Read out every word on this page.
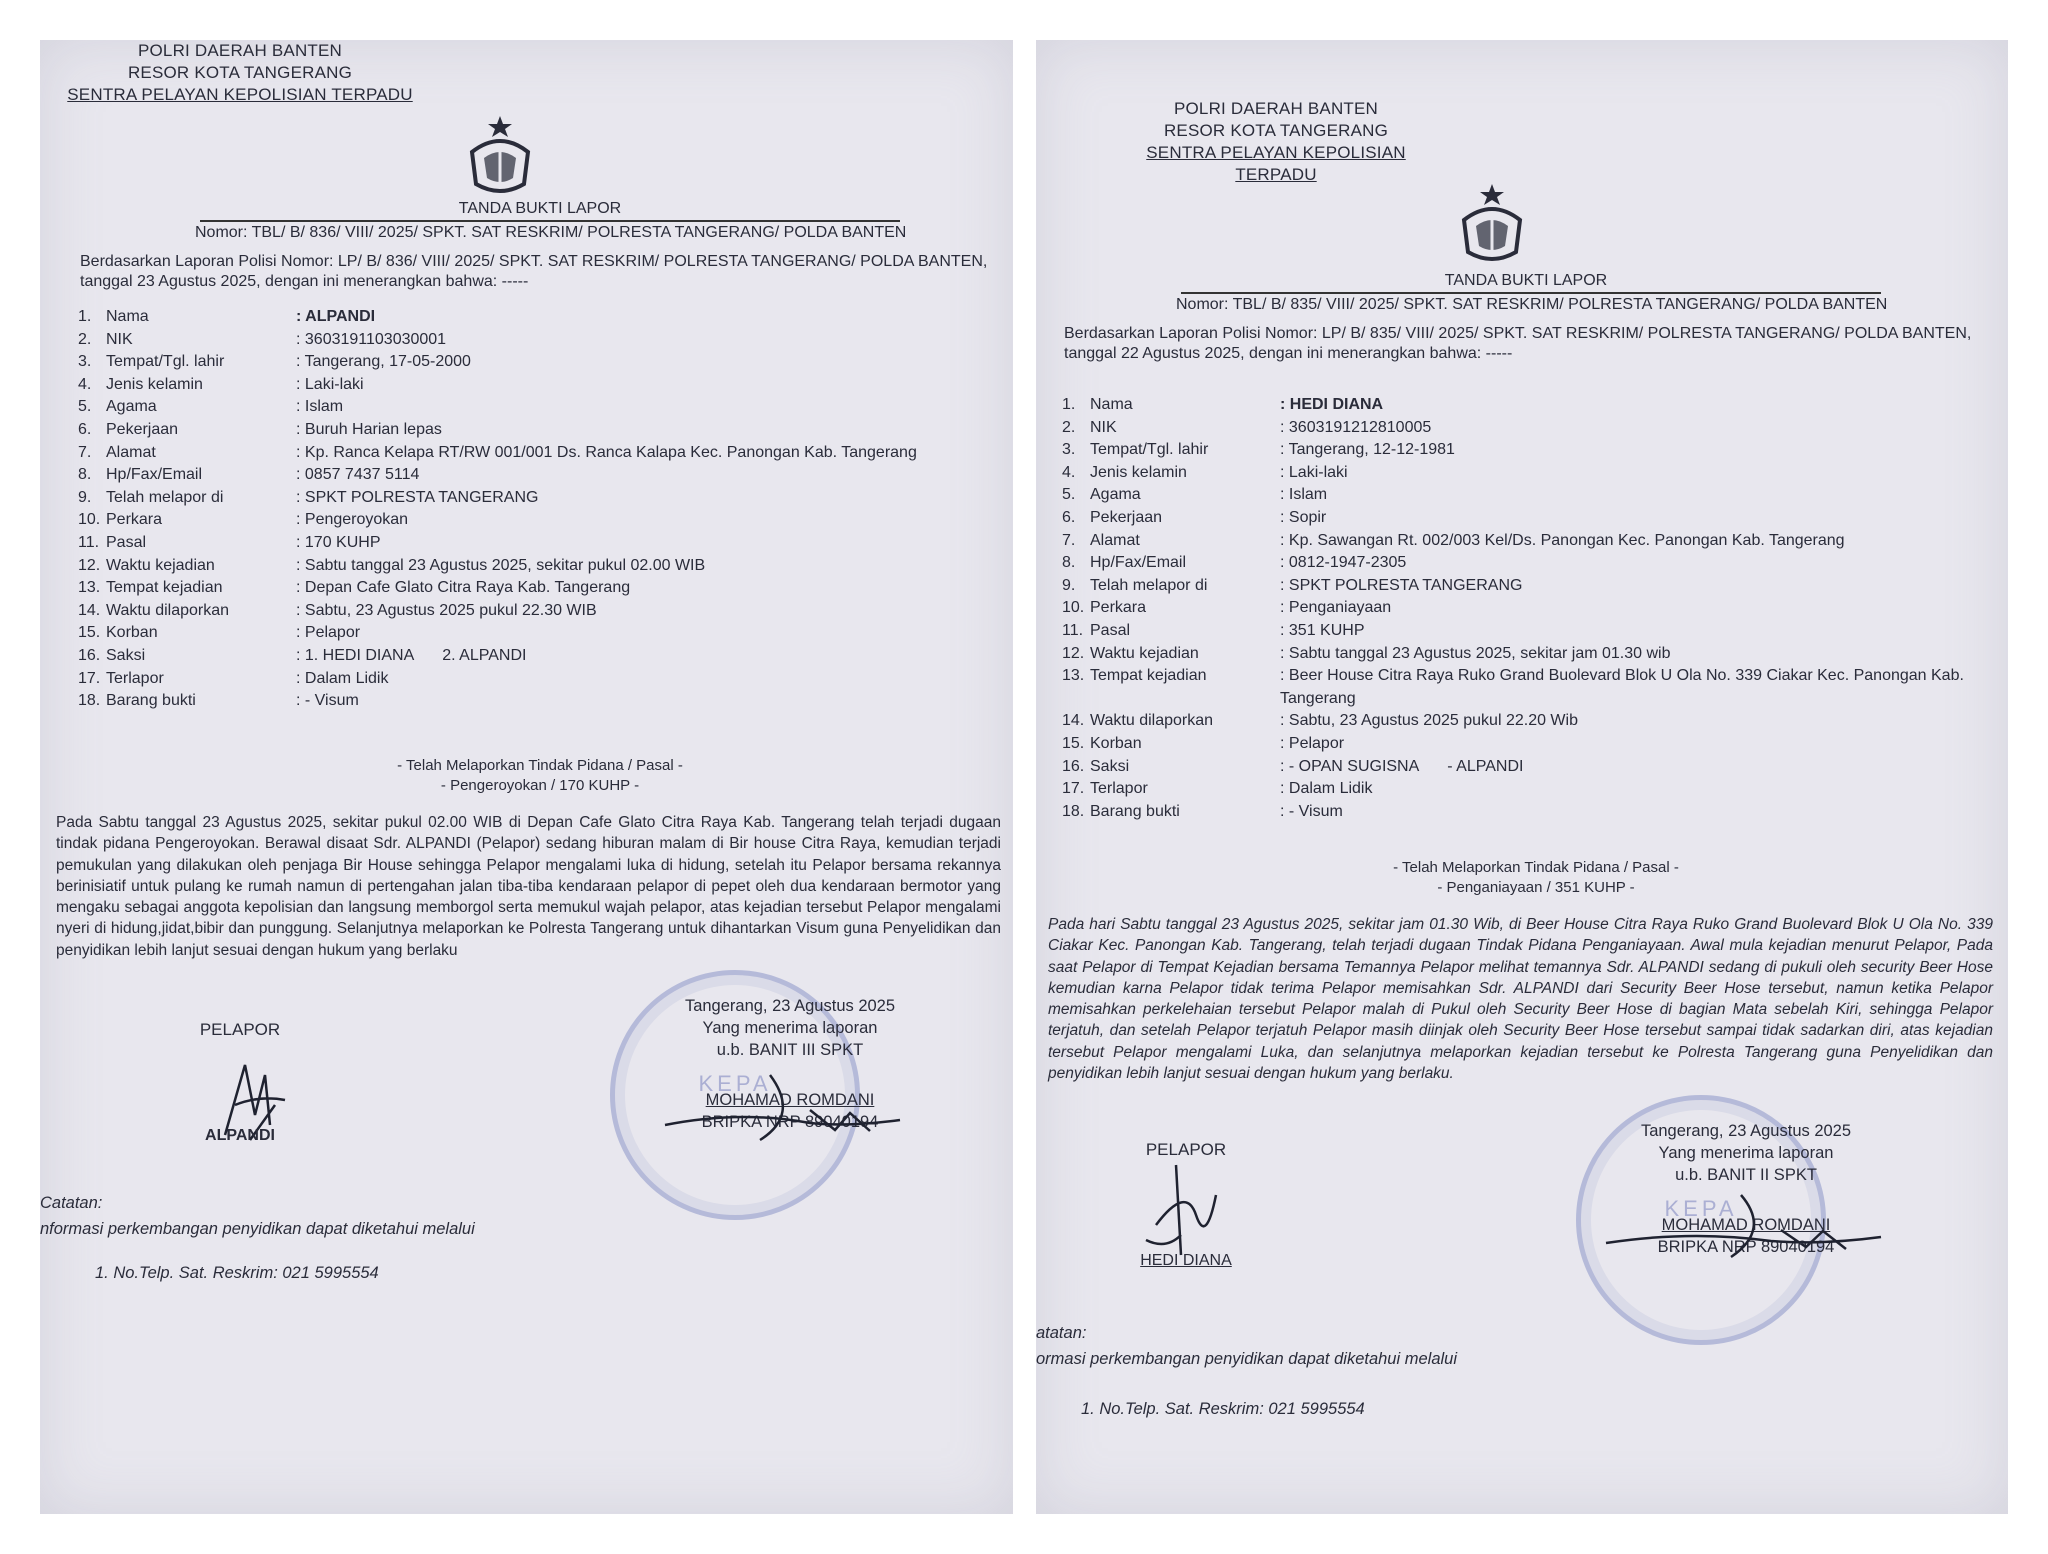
POLRI DAERAH BANTEN
RESOR KOTA TANGERANG
SENTRA PELAYAN KEPOLISIAN TERPADU
TANDA BUKTI LAPOR
Nomor: TBL/ B/ 836/ VIII/ 2025/ SPKT. SAT RESKRIM/ POLRESTA TANGERANG/ POLDA BANTEN
Berdasarkan Laporan Polisi Nomor: LP/ B/ 836/ VIII/ 2025/ SPKT. SAT RESKRIM/ POLRESTA TANGERANG/ POLDA BANTEN, tanggal 23 Agustus 2025, dengan ini menerangkan bahwa: -----
1. Nama	: ALPANDI
2. NIK	: 3603191103030001
3. Tempat/Tgl. lahir	: Tangerang, 17-05-2000
4. Jenis kelamin	: Laki-laki
5. Agama	: Islam
6. Pekerjaan	: Buruh Harian lepas
7. Alamat	: Kp. Ranca Kelapa RT/RW 001/001 Ds. Ranca Kalapa Kec. Panongan Kab. Tangerang
8. Hp/Fax/Email	: 0857 7437 5114
9. Telah melapor di	: SPKT POLRESTA TANGERANG
10. Perkara	: Pengeroyokan
11. Pasal	: 170 KUHP
12. Waktu kejadian	: Sabtu tanggal 23 Agustus 2025, sekitar pukul 02.00 WIB
13. Tempat kejadian	: Depan Cafe Glato Citra Raya Kab. Tangerang
14. Waktu dilaporkan	: Sabtu, 23 Agustus 2025 pukul 22.30 WIB
15. Korban	: Pelapor
16. Saksi	: 1. HEDI DIANA 2. ALPANDI
17. Terlapor	: Dalam Lidik
18. Barang bukti	: - Visum
- Telah Melaporkan Tindak Pidana / Pasal -
- Pengeroyokan / 170 KUHP -
Pada Sabtu tanggal 23 Agustus 2025, sekitar pukul 02.00 WIB di Depan Cafe Glato Citra Raya Kab. Tangerang telah terjadi dugaan tindak pidana Pengeroyokan. Berawal disaat Sdr. ALPANDI (Pelapor) sedang hiburan malam di Bir house Citra Raya, kemudian terjadi pemukulan yang dilakukan oleh penjaga Bir House sehingga Pelapor mengalami luka di hidung, setelah itu Pelapor bersama rekannya berinisiatif untuk pulang ke rumah namun di pertengahan jalan tiba-tiba kendaraan pelapor di pepet oleh dua kendaraan bermotor yang mengaku sebagai anggota kepolisian dan langsung memborgol serta memukul wajah pelapor, atas kejadian tersebut Pelapor mengalami nyeri di hidung,jidat,bibir dan punggung. Selanjutnya melaporkan ke Polresta Tangerang untuk dihantarkan Visum guna Penyelidikan dan penyidikan lebih lanjut sesuai dengan hukum yang berlaku
PELAPOR
ALPANDI
KEPA
Tangerang, 23 Agustus 2025
Yang menerima laporan
u.b. BANIT III SPKT
MOHAMAD ROMDANI
BRIPKA NRP 89040194
Catatan:
nformasi perkembangan penyidikan dapat diketahui melalui
1. No.Telp. Sat. Reskrim: 021 5995554
POLRI DAERAH BANTEN
RESOR KOTA TANGERANG
SENTRA PELAYAN KEPOLISIAN TERPADU
TANDA BUKTI LAPOR
Nomor: TBL/ B/ 835/ VIII/ 2025/ SPKT. SAT RESKRIM/ POLRESTA TANGERANG/ POLDA BANTEN
Berdasarkan Laporan Polisi Nomor: LP/ B/ 835/ VIII/ 2025/ SPKT. SAT RESKRIM/ POLRESTA TANGERANG/ POLDA BANTEN, tanggal 22 Agustus 2025, dengan ini menerangkan bahwa: -----
1. Nama	: HEDI DIANA
2. NIK	: 3603191212810005
3. Tempat/Tgl. lahir	: Tangerang, 12-12-1981
4. Jenis kelamin	: Laki-laki
5. Agama	: Islam
6. Pekerjaan	: Sopir
7. Alamat	: Kp. Sawangan Rt. 002/003 Kel/Ds. Panongan Kec. Panongan Kab. Tangerang
8. Hp/Fax/Email	: 0812-1947-2305
9. Telah melapor di	: SPKT POLRESTA TANGERANG
10. Perkara	: Penganiayaan
11. Pasal	: 351 KUHP
12. Waktu kejadian	: Sabtu tanggal 23 Agustus 2025, sekitar jam 01.30 wib
13. Tempat kejadian	: Beer House Citra Raya Ruko Grand Buolevard Blok U Ola No. 339 Ciakar Kec. Panongan Kab. Tangerang
14. Waktu dilaporkan	: Sabtu, 23 Agustus 2025 pukul 22.20 Wib
15. Korban	: Pelapor
16. Saksi	: - OPAN SUGISNA - ALPANDI
17. Terlapor	: Dalam Lidik
18. Barang bukti	: - Visum
- Telah Melaporkan Tindak Pidana / Pasal -
- Penganiayaan / 351 KUHP -
Pada hari Sabtu tanggal 23 Agustus 2025, sekitar jam 01.30 Wib, di Beer House Citra Raya Ruko Grand Buolevard Blok U Ola No. 339 Ciakar Kec. Panongan Kab. Tangerang, telah terjadi dugaan Tindak Pidana Penganiayaan. Awal mula kejadian menurut Pelapor, Pada saat Pelapor di Tempat Kejadian bersama Temannya Pelapor melihat temannya Sdr. ALPANDI sedang di pukuli oleh security Beer Hose kemudian karna Pelapor tidak terima Pelapor memisahkan Sdr. ALPANDI dari Security Beer Hose tersebut, namun ketika Pelapor memisahkan perkelehaian tersebut Pelapor malah di Pukul oleh Security Beer Hose di bagian Mata sebelah Kiri, sehingga Pelapor terjatuh, dan setelah Pelapor terjatuh Pelapor masih diinjak oleh Security Beer Hose tersebut sampai tidak sadarkan diri, atas kejadian tersebut Pelapor mengalami Luka, dan selanjutnya melaporkan kejadian tersebut ke Polresta Tangerang guna Penyelidikan dan penyidikan lebih lanjut sesuai dengan hukum yang berlaku.
PELAPOR
HEDI DIANA
KEPA
Tangerang, 23 Agustus 2025
Yang menerima laporan
u.b. BANIT II SPKT
MOHAMAD ROMDANI
BRIPKA NRP 89040194
atatan:
ormasi perkembangan penyidikan dapat diketahui melalui
1. No.Telp. Sat. Reskrim: 021 5995554
